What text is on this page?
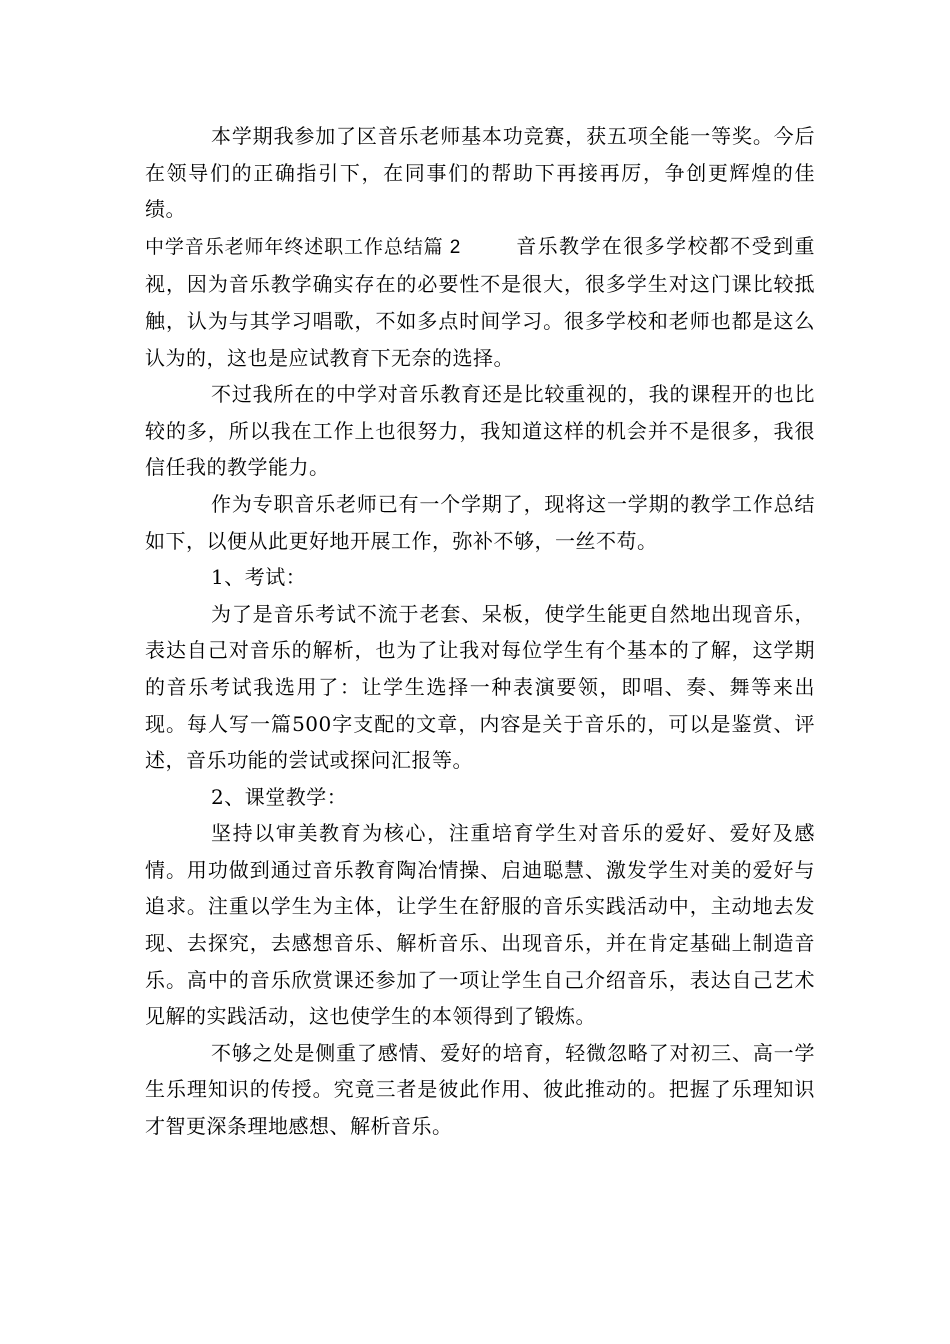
本学期我参加了区音乐老师基本功竞赛，获五项全能一等奖。今后在领导们的正确指引下，在同事们的帮助下再接再厉，争创更辉煌的佳绩。

中学音乐老师年终述职工作总结篇 2	音乐教学在很多学校都不受到重视，因为音乐教学确实存在的必要性不是很大，很多学生对这门课比较抵触，认为与其学习唱歌，不如多点时间学习。很多学校和老师也都是这么认为的，这也是应试教育下无奈的选择。

不过我所在的中学对音乐教育还是比较重视的，我的课程开的也比较的多，所以我在工作上也很努力，我知道这样的机会并不是很多，我很信任我的教学能力。

作为专职音乐老师已有一个学期了，现将这一学期的教学工作总结如下，以便从此更好地开展工作，弥补不够，一丝不苟。

1、考试：

为了是音乐考试不流于老套、呆板，使学生能更自然地出现音乐，表达自己对音乐的解析，也为了让我对每位学生有个基本的了解，这学期的音乐考试我选用了：让学生选择一种表演要领，即唱、奏、舞等来出现。每人写一篇500字支配的文章，内容是关于音乐的，可以是鉴赏、评述，音乐功能的尝试或探问汇报等。

2、课堂教学：

坚持以审美教育为核心，注重培育学生对音乐的爱好、爱好及感情。用功做到通过音乐教育陶冶情操、启迪聪慧、激发学生对美的爱好与追求。注重以学生为主体，让学生在舒服的音乐实践活动中，主动地去发现、去探究，去感想音乐、解析音乐、出现音乐，并在肯定基础上制造音乐。高中的音乐欣赏课还参加了一项让学生自己介绍音乐，表达自己艺术见解的实践活动，这也使学生的本领得到了锻炼。

不够之处是侧重了感情、爱好的培育，轻微忽略了对初三、高一学生乐理知识的传授。究竟三者是彼此作用、彼此推动的。把握了乐理知识才智更深条理地感想、解析音乐。
